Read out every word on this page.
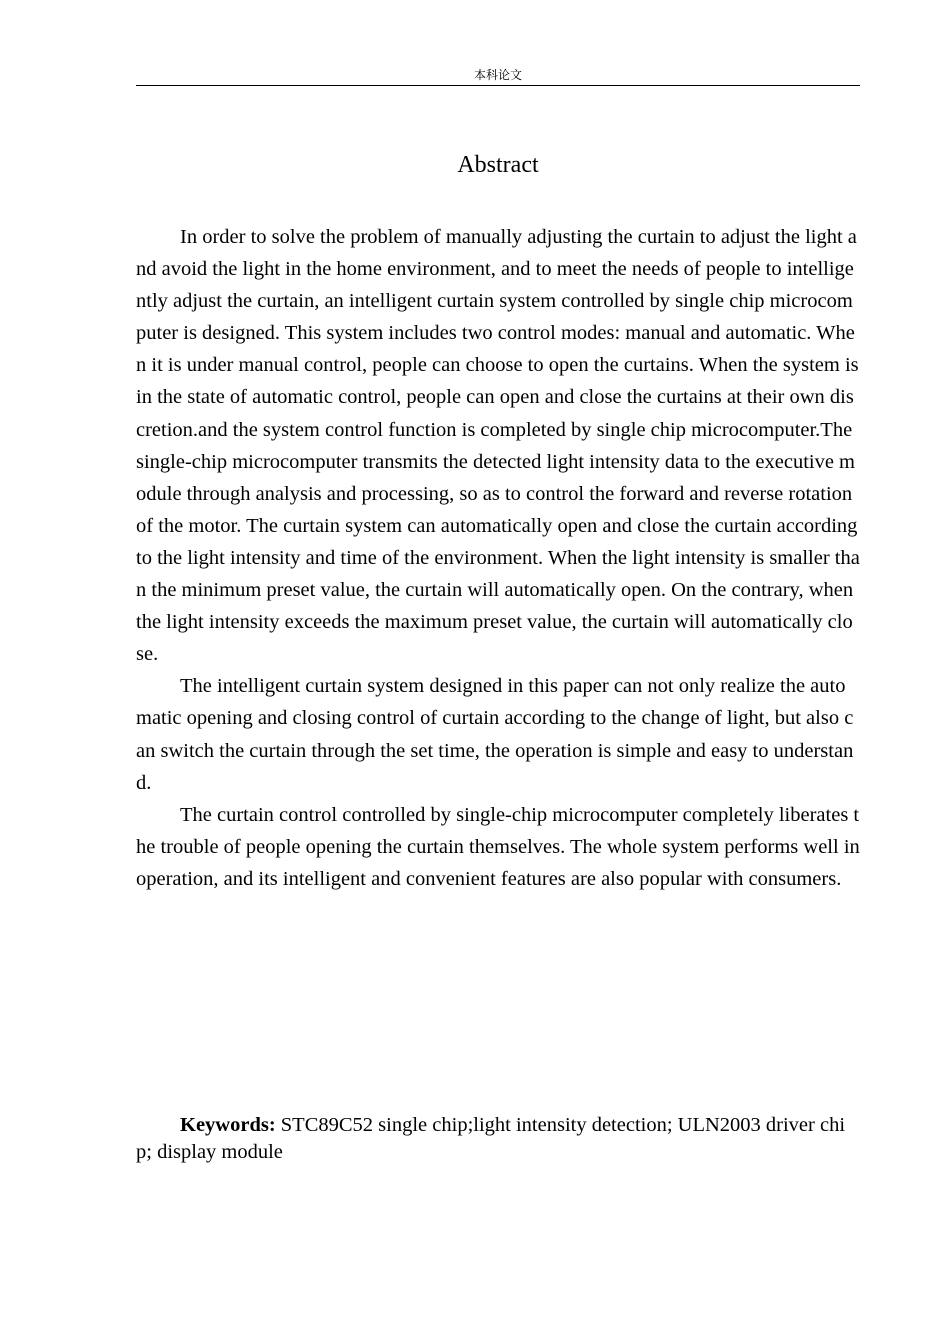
本科论文
Abstract

In order to solve the problem of manually adjusting the curtain to adjust the light and avoid the light in the home environment, and to meet the needs of people to intelligently adjust the curtain, an intelligent curtain system controlled by single chip microcomputer is designed. This system includes two control modes: manual and automatic. When it is under manual control, people can choose to open the curtains. When the system is in the state of automatic control, people can open and close the curtains at their own discretion.and the system control function is completed by single chip microcomputer.The single-chip microcomputer transmits the detected light intensity data to the executive module through analysis and processing, so as to control the forward and reverse rotation of the motor. The curtain system can automatically open and close the curtain according to the light intensity and time of the environment. When the light intensity is smaller than the minimum preset value, the curtain will automatically open. On the contrary, when the light intensity exceeds the maximum preset value, the curtain will automatically close.

The intelligent curtain system designed in this paper can not only realize the automatic opening and closing control of curtain according to the change of light, but also can switch the curtain through the set time, the operation is simple and easy to understand.

The curtain control controlled by single-chip microcomputer completely liberates the trouble of people opening the curtain themselves. The whole system performs well in operation, and its intelligent and convenient features are also popular with consumers.

Keywords: STC89C52 single chip;light intensity detection; ULN2003 driver chip; display module
